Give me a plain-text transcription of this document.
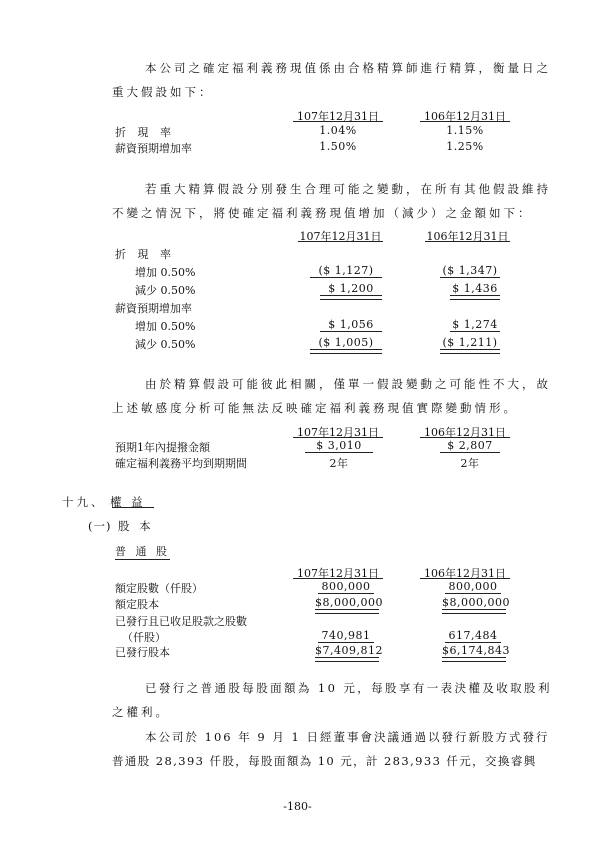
本公司之確定福利義務現值係由合格精算師進行精算，衡量日之
重大假設如下：
107年12月31日	106年12月31日
折 現 率	1.04%	1.15%
薪資預期增加率	1.50%	1.25%
若重大精算假設分別發生合理可能之變動，在所有其他假設維持
不變之情況下，將使確定福利義務現值增加（減少）之金額如下：
107年12月31日	106年12月31日
折 現 率
增加 0.50%	($ 1,127)	($ 1,347)
減少 0.50%	$ 1,200	$ 1,436
薪資預期增加率
增加 0.50%	$ 1,056	$ 1,274
減少 0.50%	($ 1,005)	($ 1,211)
由於精算假設可能彼此相關，僅單一假設變動之可能性不大，故
上述敏感度分析可能無法反映確定福利義務現值實際變動情形。
107年12月31日	106年12月31日
預期1年內提撥金額	$ 3,010	$ 2,807
確定福利義務平均到期期間	2年	2年
十九、 權 益
(一) 股 本
普 通 股
107年12月31日	106年12月31日
額定股數（仟股）	800,000	800,000
額定股本	$8,000,000	$8,000,000
已發行且已收足股款之股數
（仟股）	740,981	617,484
已發行股本	$7,409,812	$6,174,843
已發行之普通股每股面額為 10 元，每股享有一表決權及收取股利
之權利。
本公司於 106 年 9 月 1 日經董事會決議通過以發行新股方式發行
普通股 28,393 仟股，每股面額為 10 元，計 283,933 仟元，交換睿興
-180-
